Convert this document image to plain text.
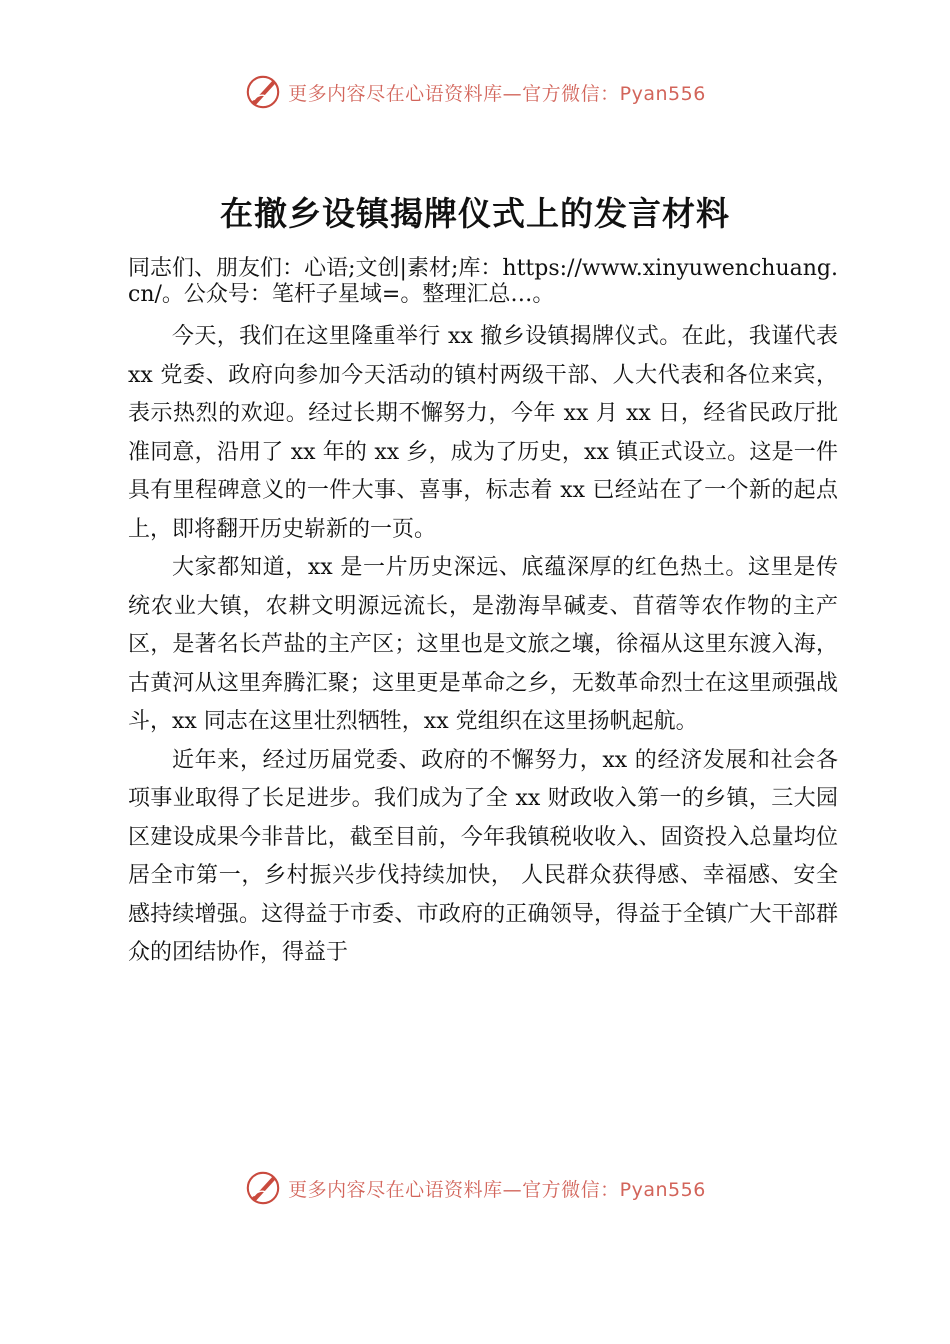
更多内容尽在心语资料库—官方微信：Pyan556
在撤乡设镇揭牌仪式上的发言材料

同志们、朋友们：心语;文创|素材;库：https://www.xinyuwenchuang.cn/。公众号：笔杆子星域=。整理汇总…。

今天，我们在这里隆重举行 xx 撤乡设镇揭牌仪式。在此，我谨代表 xx 党委、政府向参加今天活动的镇村两级干部、人大代表和各位来宾，表示热烈的欢迎。经过长期不懈努力，今年 xx 月 xx 日，经省民政厅批准同意，沿用了 xx 年的 xx 乡，成为了历史，xx 镇正式设立。这是一件具有里程碑意义的一件大事、喜事，标志着 xx 已经站在了一个新的起点上，即将翻开历史崭新的一页。

大家都知道，xx 是一片历史深远、底蕴深厚的红色热土。这里是传统农业大镇，农耕文明源远流长，是渤海旱碱麦、苜蓿等农作物的主产区，是著名长芦盐的主产区；这里也是文旅之壤，徐福从这里东渡入海，古黄河从这里奔腾汇聚；这里更是革命之乡，无数革命烈士在这里顽强战斗，xx 同志在这里壮烈牺牲，xx 党组织在这里扬帆起航。

近年来，经过历届党委、政府的不懈努力，xx 的经济发展和社会各项事业取得了长足进步。我们成为了全 xx 财政收入第一的乡镇，三大园区建设成果今非昔比，截至目前，今年我镇税收收入、固资投入总量均位居全市第一，乡村振兴步伐持续加快， 人民群众获得感、幸福感、安全感持续增强。这得益于市委、市政府的正确领导，得益于全镇广大干部群众的团结协作，得益于

更多内容尽在心语资料库—官方微信：Pyan556
